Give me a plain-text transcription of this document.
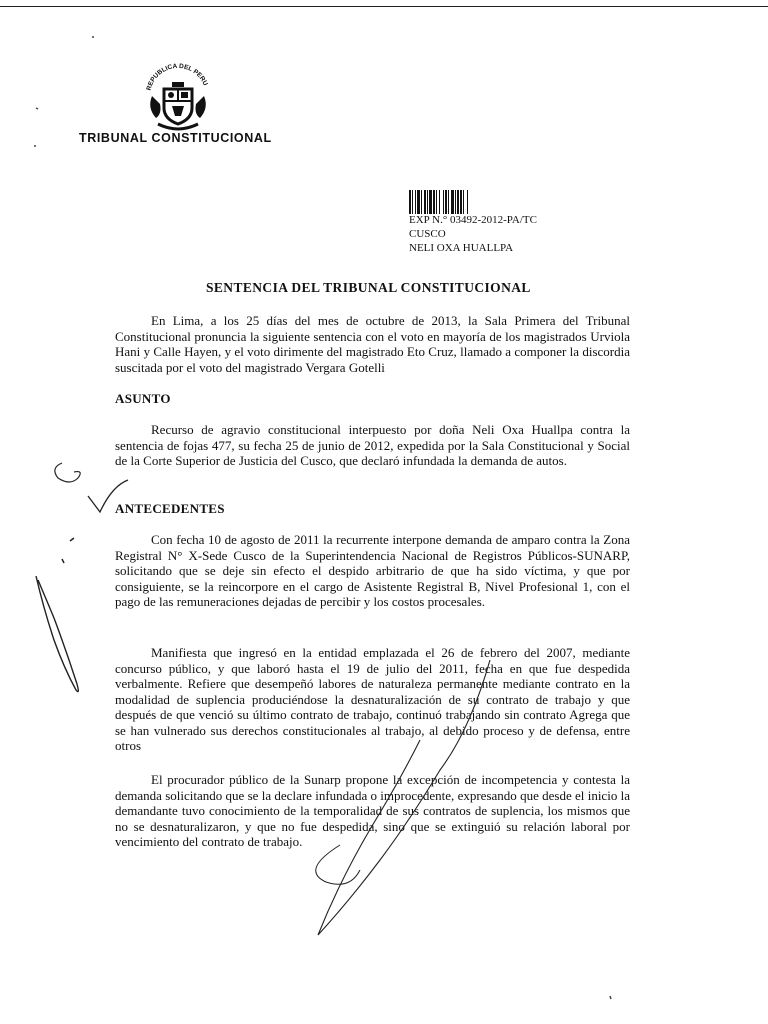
REPUBLICA DEL PERU
TRIBUNAL CONSTITUCIONAL
EXP N.° 03492-2012-PA/TC
CUSCO
NELI OXA HUALLPA
SENTENCIA DEL TRIBUNAL CONSTITUCIONAL

En Lima, a los 25 días del mes de octubre de 2013, la Sala Primera del Tribunal Constitucional pronuncia la siguiente sentencia con el voto en mayoría de los magistrados Urviola Hani y Calle Hayen, y el voto dirimente del magistrado Eto Cruz, llamado a componer la discordia suscitada por el voto del magistrado Vergara Gotelli

ASUNTO

Recurso de agravio constitucional interpuesto por doña Neli Oxa Huallpa contra la sentencia de fojas 477, su fecha 25 de junio de 2012, expedida por la Sala Constitucional y Social de la Corte Superior de Justicia del Cusco, que declaró infundada la demanda de autos.

ANTECEDENTES

Con fecha 10 de agosto de 2011 la recurrente interpone demanda de amparo contra la Zona Registral N° X-Sede Cusco de la Superintendencia Nacional de Registros Públicos-SUNARP, solicitando que se deje sin efecto el despido arbitrario de que ha sido víctima, y que por consiguiente, se la reincorpore en el cargo de Asistente Registral B, Nivel Profesional 1, con el pago de las remuneraciones dejadas de percibir y los costos procesales.

Manifiesta que ingresó en la entidad emplazada el 26 de febrero del 2007, mediante concurso público, y que laboró hasta el 19 de julio del 2011, fecha en que fue despedida verbalmente. Refiere que desempeñó labores de naturaleza permanente mediante contrato en la modalidad de suplencia produciéndose la desnaturalización de su contrato de trabajo y que después de que venció su último contrato de trabajo, continuó trabajando sin contrato Agrega que se han vulnerado sus derechos constitucionales al trabajo, al debido proceso y de defensa, entre otros

El procurador público de la Sunarp propone la excepción de incompetencia y contesta la demanda solicitando que se la declare infundada o improcedente, expresando que desde el inicio la demandante tuvo conocimiento de la temporalidad de sus contratos de suplencia, los mismos que no se desnaturalizaron, y que no fue despedida, sino que se extinguió su relación laboral por vencimiento del contrato de trabajo.
